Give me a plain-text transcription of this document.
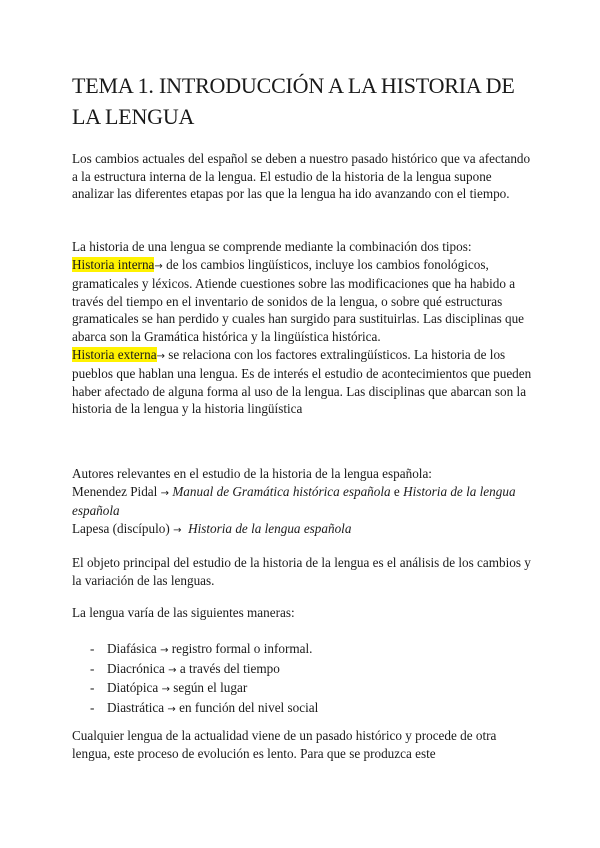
TEMA 1. INTRODUCCIÓN A LA HISTORIA DE LA LENGUA

Los cambios actuales del español se deben a nuestro pasado histórico que va afectando a la estructura interna de la lengua. El estudio de la historia de la lengua supone analizar las diferentes etapas por las que la lengua ha ido avanzando con el tiempo.

La historia de una lengua se comprende mediante la combinación dos tipos:
Historia interna→ de los cambios lingüísticos, incluye los cambios fonológicos, gramaticales y léxicos. Atiende cuestiones sobre las modificaciones que ha habido a través del tiempo en el inventario de sonidos de la lengua, o sobre qué estructuras gramaticales se han perdido y cuales han surgido para sustituirlas. Las disciplinas que abarca son la Gramática histórica y la lingüística histórica.
Historia externa→ se relaciona con los factores extralingüísticos. La historia de los pueblos que hablan una lengua. Es de interés el estudio de acontecimientos que pueden haber afectado de alguna forma al uso de la lengua. Las disciplinas que abarcan son la historia de la lengua y la historia lingüística
Autores relevantes en el estudio de la historia de la lengua española:
Menendez Pidal → Manual de Gramática histórica española e Historia de la lengua española
Lapesa (discípulo) → Historia de la lengua española

El objeto principal del estudio de la historia de la lengua es el análisis de los cambios y la variación de las lenguas.

La lengua varía de las siguientes maneras:

- Diafásica → registro formal o informal.
- Diacrónica → a través del tiempo
- Diatópica → según el lugar
- Diastrática → en función del nivel social

Cualquier lengua de la actualidad viene de un pasado histórico y procede de otra lengua, este proceso de evolución es lento. Para que se produzca este
